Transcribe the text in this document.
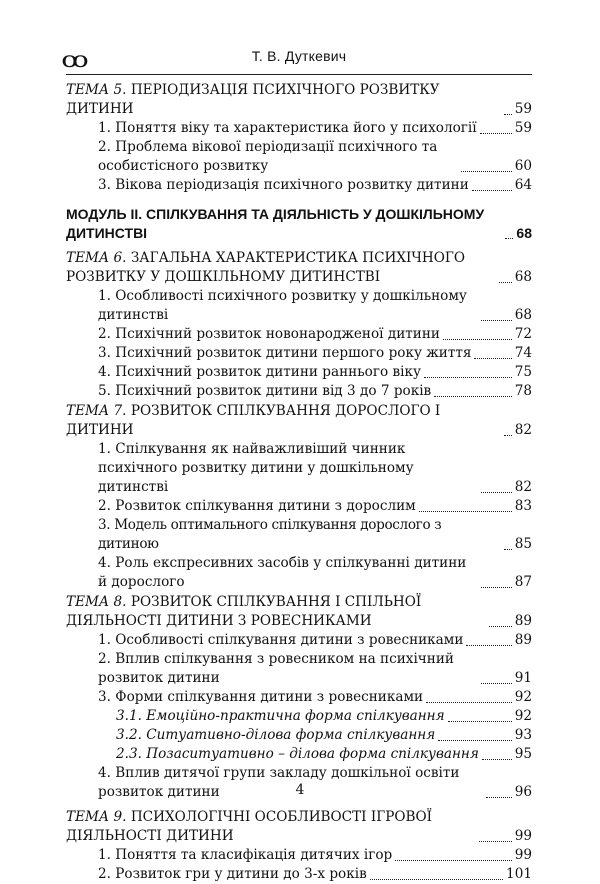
ꝏ	Т. В. Дуткевич
ТЕМА 5. ПЕРІОДИЗАЦІЯ ПСИХІЧНОГО РОЗВИТКУ ДИТИНИ	59
1. Поняття віку та характеристика його у психології	59
2. Проблема вікової періодизації психічного та особистісного розвитку	60
3. Вікова періодизація психічного розвитку дитини	64
МОДУЛЬ ІІ. СПІЛКУВАННЯ ТА ДІЯЛЬНІСТЬ У ДОШКІЛЬНОМУ ДИТИНСТВІ	68
ТЕМА 6. ЗАГАЛЬНА ХАРАКТЕРИСТИКА ПСИХІЧНОГО РОЗВИТКУ У ДОШКІЛЬНОМУ ДИТИНСТВІ	68
1. Особливості психічного розвитку у дошкільному дитинстві	68
2. Психічний розвиток новонародженої дитини	72
3. Психічний розвиток дитини першого року життя	74
4. Психічний розвиток дитини раннього віку	75
5. Психічний розвиток дитини від 3 до 7 років	78
ТЕМА 7. РОЗВИТОК СПІЛКУВАННЯ ДОРОСЛОГО І ДИТИНИ	82
1. Спілкування як найважливіший чинник психічного розвитку дитини у дошкільному дитинстві	82
2. Розвиток спілкування дитини з дорослим	83
3. Модель оптимального спілкування дорослого з дитиною	85
4. Роль експресивних засобів у спілкуванні дитини й дорослого	87
ТЕМА 8. РОЗВИТОК СПІЛКУВАННЯ І СПІЛЬНОЇ ДІЯЛЬНОСТІ ДИТИНИ З РОВЕСНИКАМИ	89
1. Особливості спілкування дитини з ровесниками	89
2. Вплив спілкування з ровесником на психічний розвиток дитини	91
3. Форми спілкування дитини з ровесниками	92
3.1. Емоційно-практична форма спілкування	92
3.2. Ситуативно-ділова форма спілкування	93
2.3. Позаситуативно – ділова форма спілкування	95
4. Вплив дитячої групи закладу дошкільної освіти розвиток дитини	96
ТЕМА 9. ПСИХОЛОГІЧНІ ОСОБЛИВОСТІ ІГРОВОЇ ДІЯЛЬНОСТІ ДИТИНИ	99
1. Поняття та класифікація дитячих ігор	99
2. Розвиток гри у дитини до 3-х років	101
4
